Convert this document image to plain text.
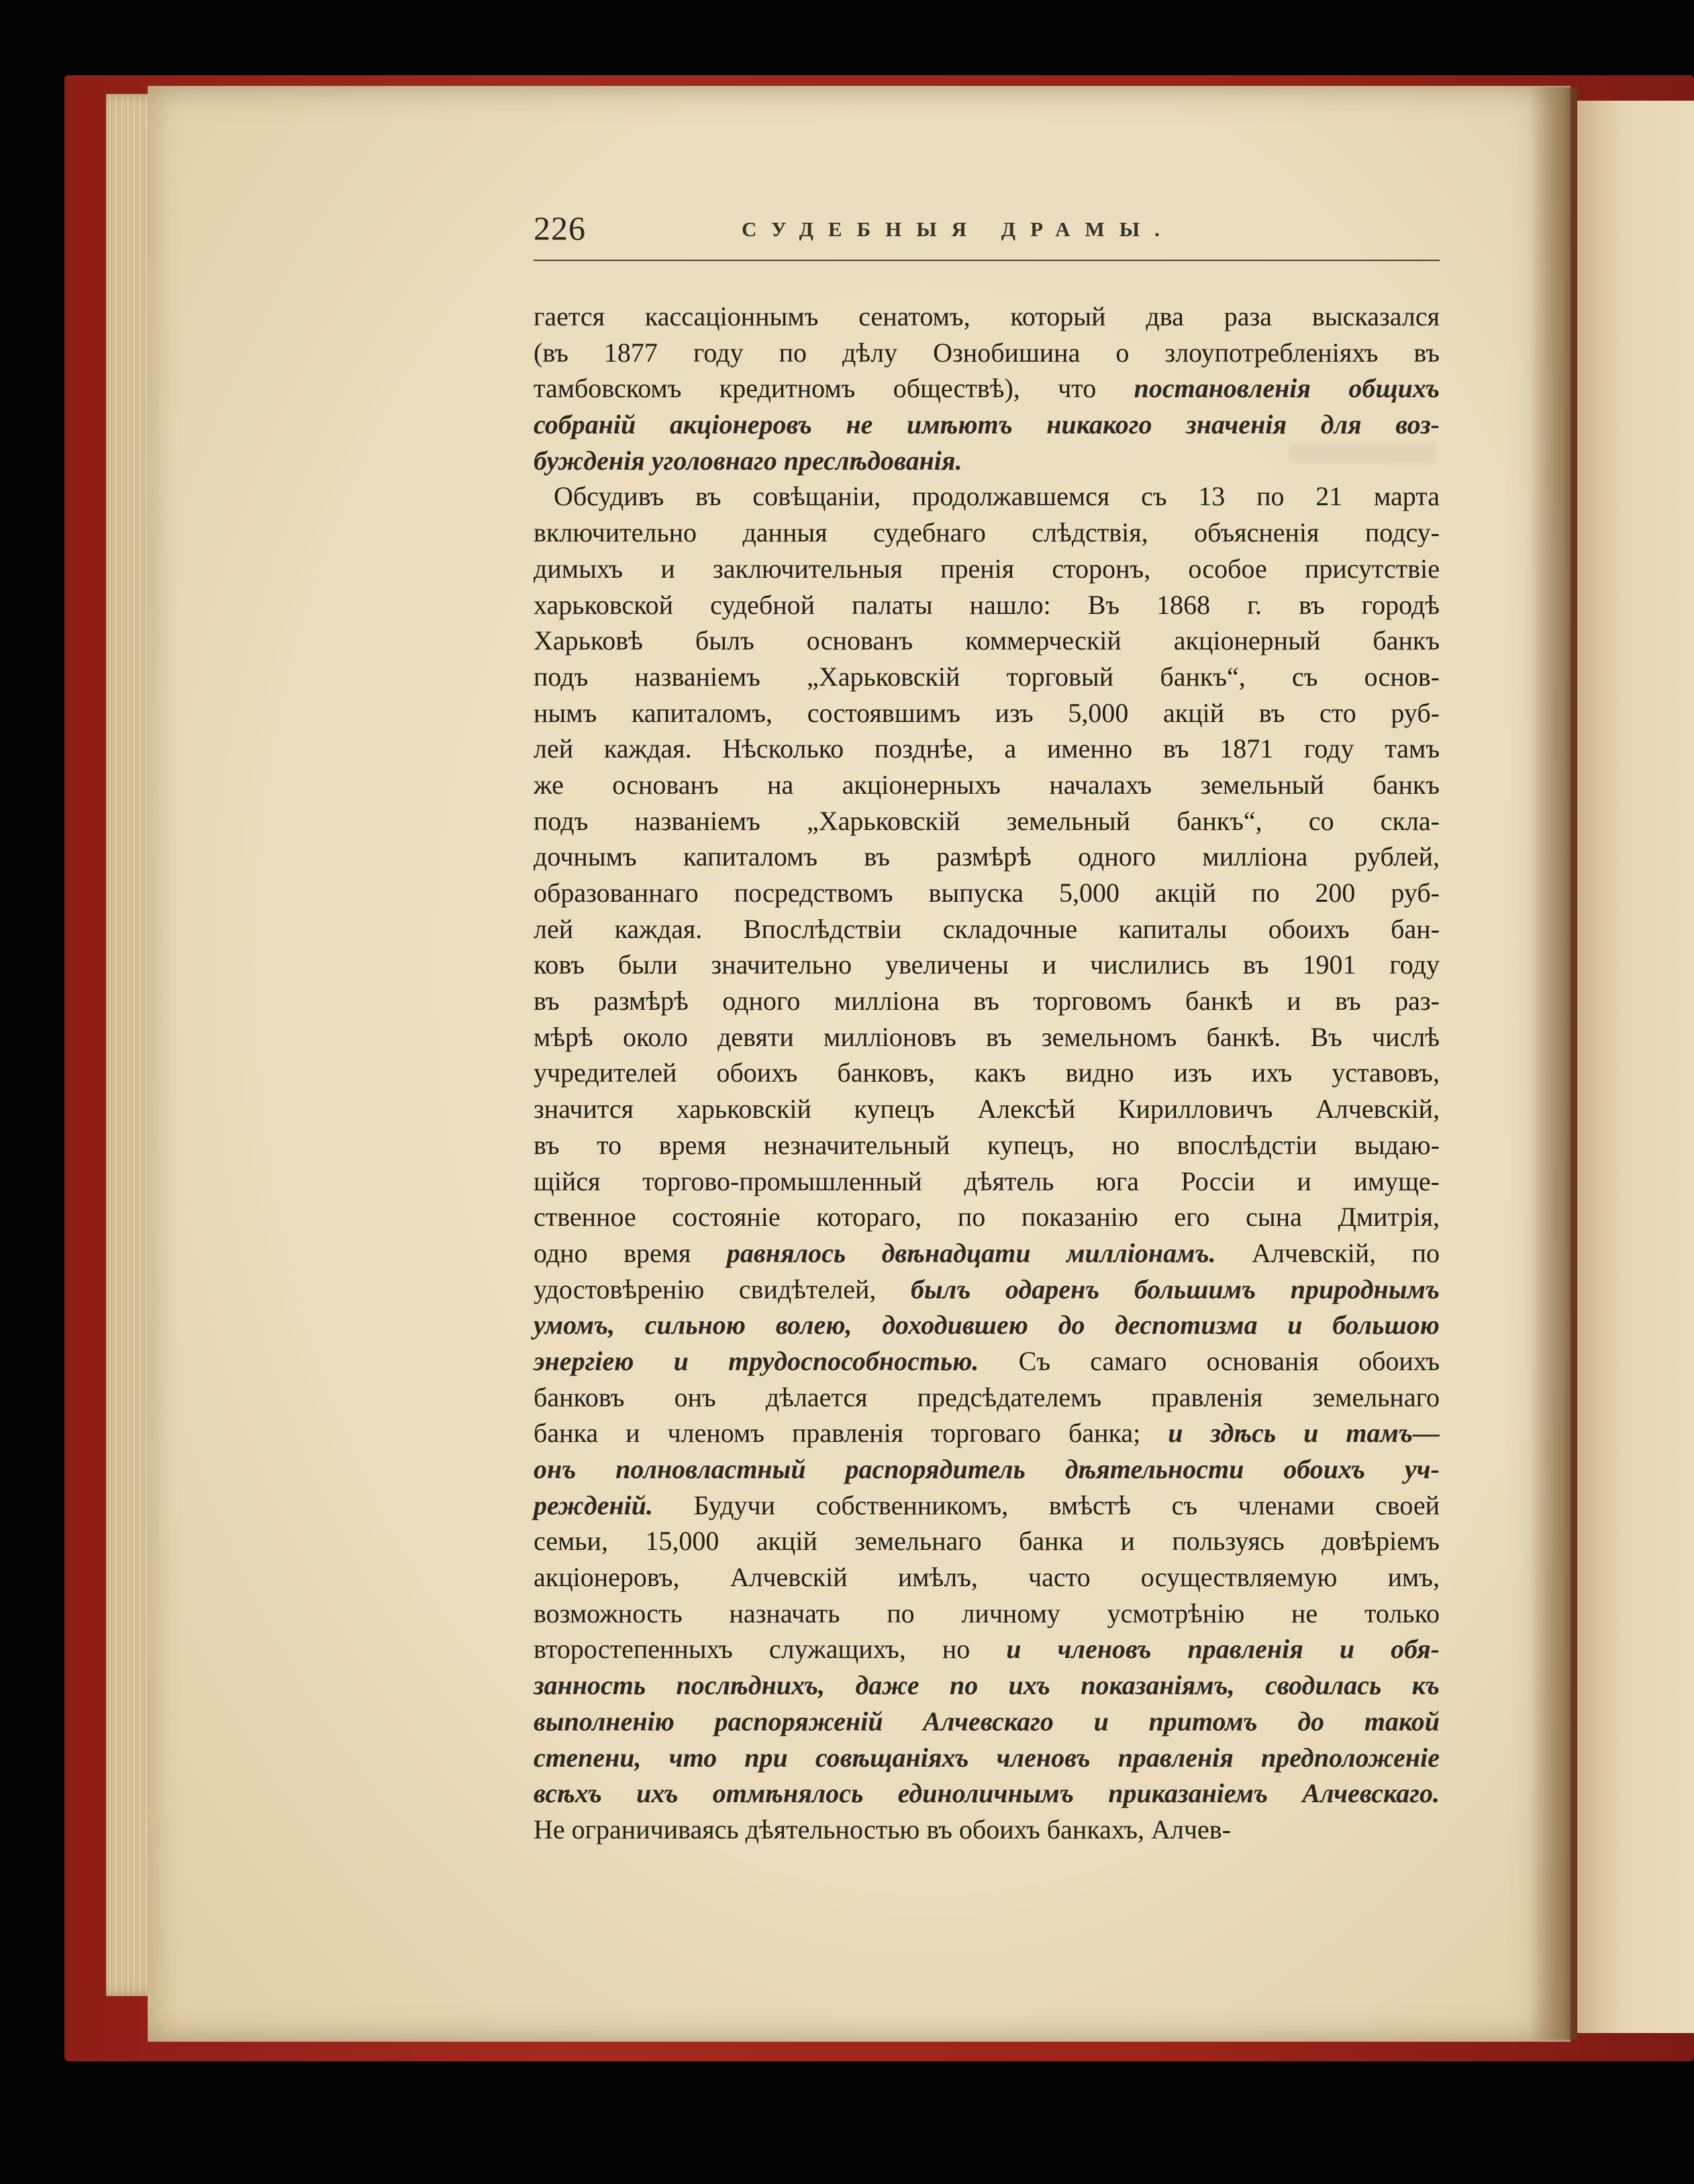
226	СУДЕБНЫЯ ДРАМЫ.
гается кассаціоннымъ сенатомъ, который два раза высказался
(въ 1877 году по дѣлу Ознобишина о злоупотребленіяхъ въ
тамбовскомъ кредитномъ обществѣ), что постановленія общихъ
собраній акціонеровъ не имѣютъ никакого значенія для воз-
бужденія уголовнаго преслѣдованія.
Обсудивъ въ совѣщаніи, продолжавшемся съ 13 по 21 марта
включительно данныя судебнаго слѣдствія, объясненія подсу-
димыхъ и заключительныя пренія сторонъ, особое присутствіе
харьковской судебной палаты нашло: Въ 1868 г. въ городѣ
Харьковѣ былъ основанъ коммерческій акціонерный банкъ
подъ названіемъ „Харьковскій торговый банкъ“, съ основ-
нымъ капиталомъ, состоявшимъ изъ 5,000 акцій въ сто руб-
лей каждая. Нѣсколько позднѣе, а именно въ 1871 году тамъ
же основанъ на акціонерныхъ началахъ земельный банкъ
подъ названіемъ „Харьковскій земельный банкъ“, со скла-
дочнымъ капиталомъ въ размѣрѣ одного милліона рублей,
образованнаго посредствомъ выпуска 5,000 акцій по 200 руб-
лей каждая. Впослѣдствіи складочные капиталы обоихъ бан-
ковъ были значительно увеличены и числились въ 1901 году
въ размѣрѣ одного милліона въ торговомъ банкѣ и въ раз-
мѣрѣ около девяти милліоновъ въ земельномъ банкѣ. Въ числѣ
учредителей обоихъ банковъ, какъ видно изъ ихъ уставовъ,
значится харьковскій купецъ Алексѣй Кирилловичъ Алчевскій,
въ то время незначительный купецъ, но впослѣдстіи выдаю-
щійся торгово-промышленный дѣятель юга Россіи и имуще-
ственное состояніе котораго, по показанію его сына Дмитрія,
одно время равнялось двѣнадцати милліонамъ. Алчевскій, по
удостовѣренію свидѣтелей, былъ одаренъ большимъ природнымъ
умомъ, сильною волею, доходившею до деспотизма и большою
энергіею и трудоспособностью. Съ самаго основанія обоихъ
банковъ онъ дѣлается предсѣдателемъ правленія земельнаго
банка и членомъ правленія торговаго банка; и здѣсь и тамъ—
онъ полновластный распорядитель дѣятельности обоихъ уч-
режденій. Будучи собственникомъ, вмѣстѣ съ членами своей
семьи, 15,000 акцій земельнаго банка и пользуясь довѣріемъ
акціонеровъ, Алчевскій имѣлъ, часто осуществляемую имъ,
возможность назначать по личному усмотрѣнію не только
второстепенныхъ служащихъ, но и членовъ правленія и обя-
занность послѣднихъ, даже по ихъ показаніямъ, сводилась къ
выполненію распоряженій Алчевскаго и притомъ до такой
степени, что при совѣщаніяхъ членовъ правленія предположеніе
всѣхъ ихъ отмѣнялось единоличнымъ приказаніемъ Алчевскаго.
Не ограничиваясь дѣятельностью въ обоихъ банкахъ, Алчев-
